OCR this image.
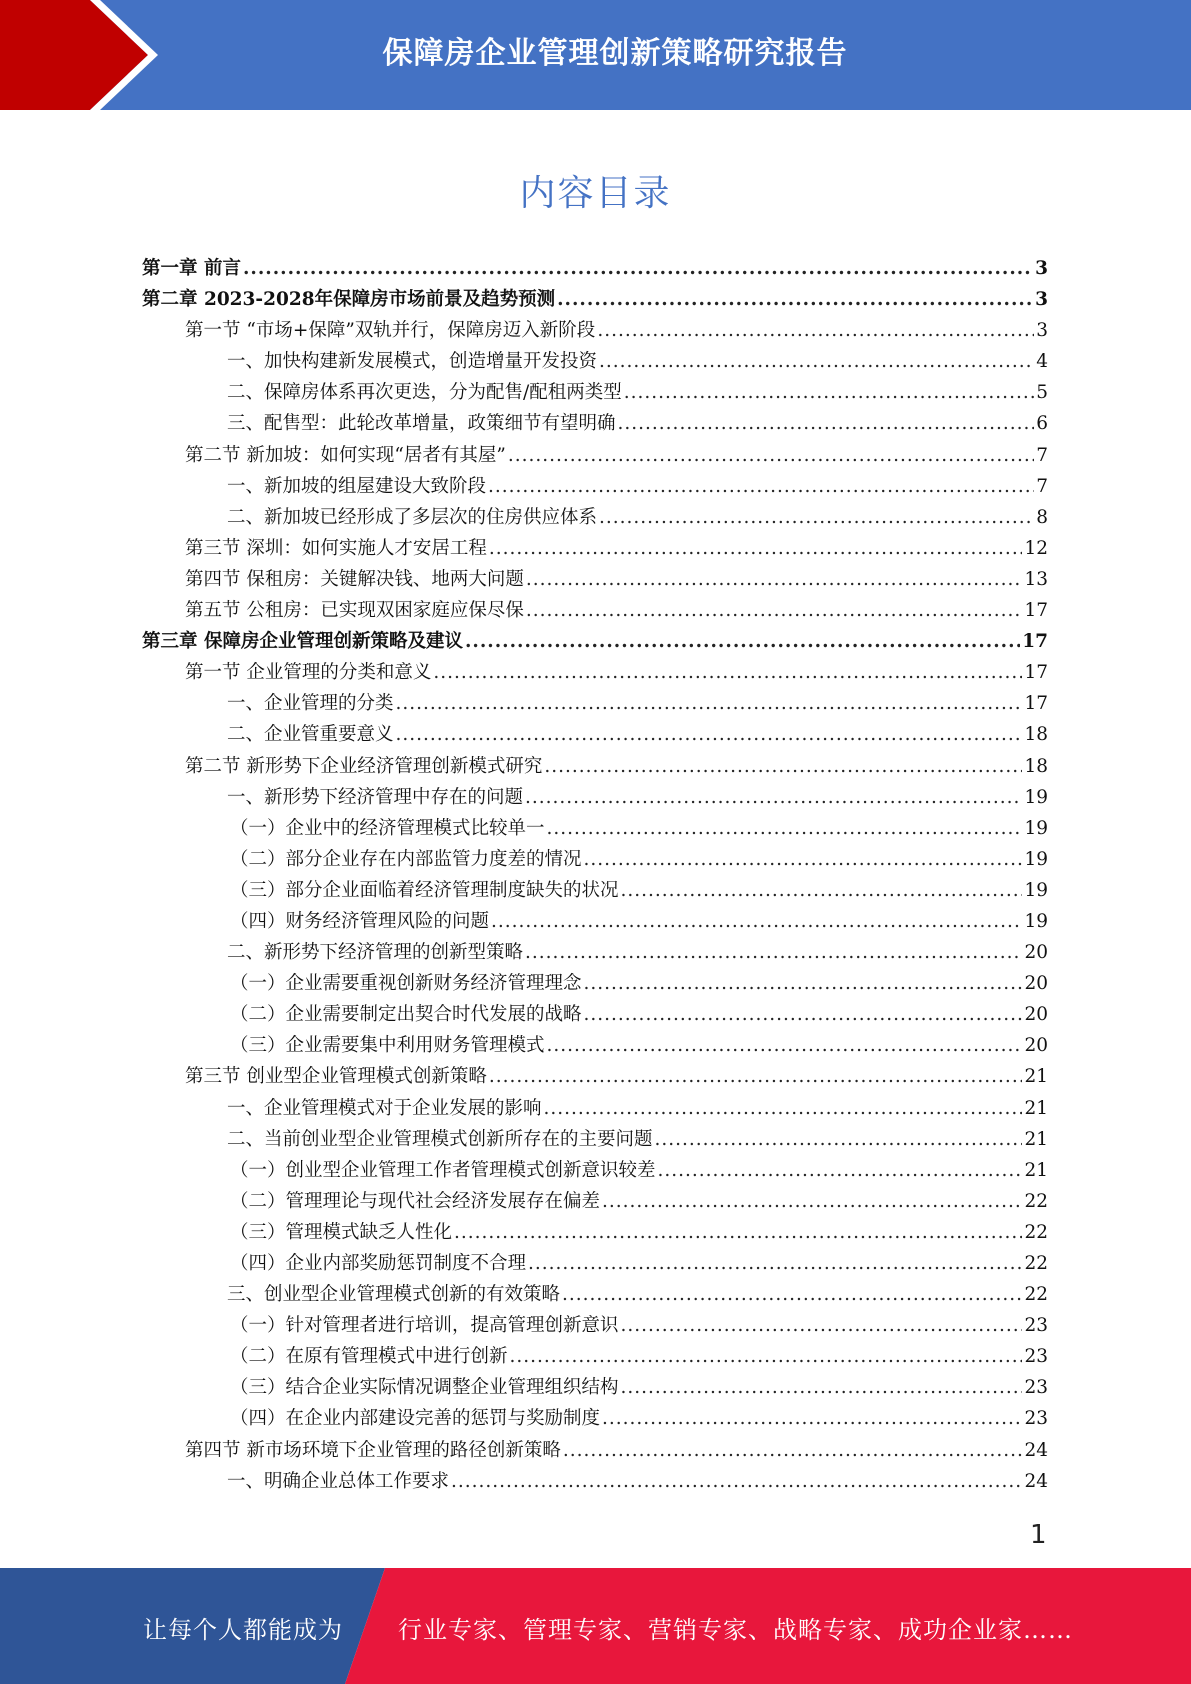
保障房企业管理创新策略研究报告
内容目录
第一章 前言 .....	3
第二章 2023-2028年保障房市场前景及趋势预测 .....	3
第一节 “市场+保障”双轨并行，保障房迈入新阶段 .....	3
一、加快构建新发展模式，创造增量开发投资 .....	4
二、保障房体系再次更迭，分为配售/配租两类型 .....	5
三、配售型：此轮改革增量，政策细节有望明确 .....	6
第二节 新加坡：如何实现“居者有其屋” .....	7
一、新加坡的组屋建设大致阶段 .....	7
二、新加坡已经形成了多层次的住房供应体系 .....	8
第三节 深圳：如何实施人才安居工程 .....	12
第四节 保租房：关键解决钱、地两大问题 .....	13
第五节 公租房：已实现双困家庭应保尽保 .....	17
第三章 保障房企业管理创新策略及建议 .....	17
第一节 企业管理的分类和意义 .....	17
一、企业管理的分类 .....	17
二、企业管重要意义 .....	18
第二节 新形势下企业经济管理创新模式研究 .....	18
一、新形势下经济管理中存在的问题 .....	19
（一）企业中的经济管理模式比较单一 .....	19
（二）部分企业存在内部监管力度差的情况 .....	19
（三）部分企业面临着经济管理制度缺失的状况 .....	19
（四）财务经济管理风险的问题 .....	19
二、新形势下经济管理的创新型策略 .....	20
（一）企业需要重视创新财务经济管理理念 .....	20
（二）企业需要制定出契合时代发展的战略 .....	20
（三）企业需要集中利用财务管理模式 .....	20
第三节 创业型企业管理模式创新策略 .....	21
一、企业管理模式对于企业发展的影响 .....	21
二、当前创业型企业管理模式创新所存在的主要问题 .....	21
（一）创业型企业管理工作者管理模式创新意识较差 .....	21
（二）管理理论与现代社会经济发展存在偏差 .....	22
（三）管理模式缺乏人性化 .....	22
（四）企业内部奖励惩罚制度不合理 .....	22
三、创业型企业管理模式创新的有效策略 .....	22
（一）针对管理者进行培训，提高管理创新意识 .....	23
（二）在原有管理模式中进行创新 .....	23
（三）结合企业实际情况调整企业管理组织结构 .....	23
（四）在企业内部建设完善的惩罚与奖励制度 .....	23
第四节 新市场环境下企业管理的路径创新策略 .....	24
一、明确企业总体工作要求 .....	24
1
让每个人都能成为 行业专家、管理专家、营销专家、战略专家、成功企业家……
